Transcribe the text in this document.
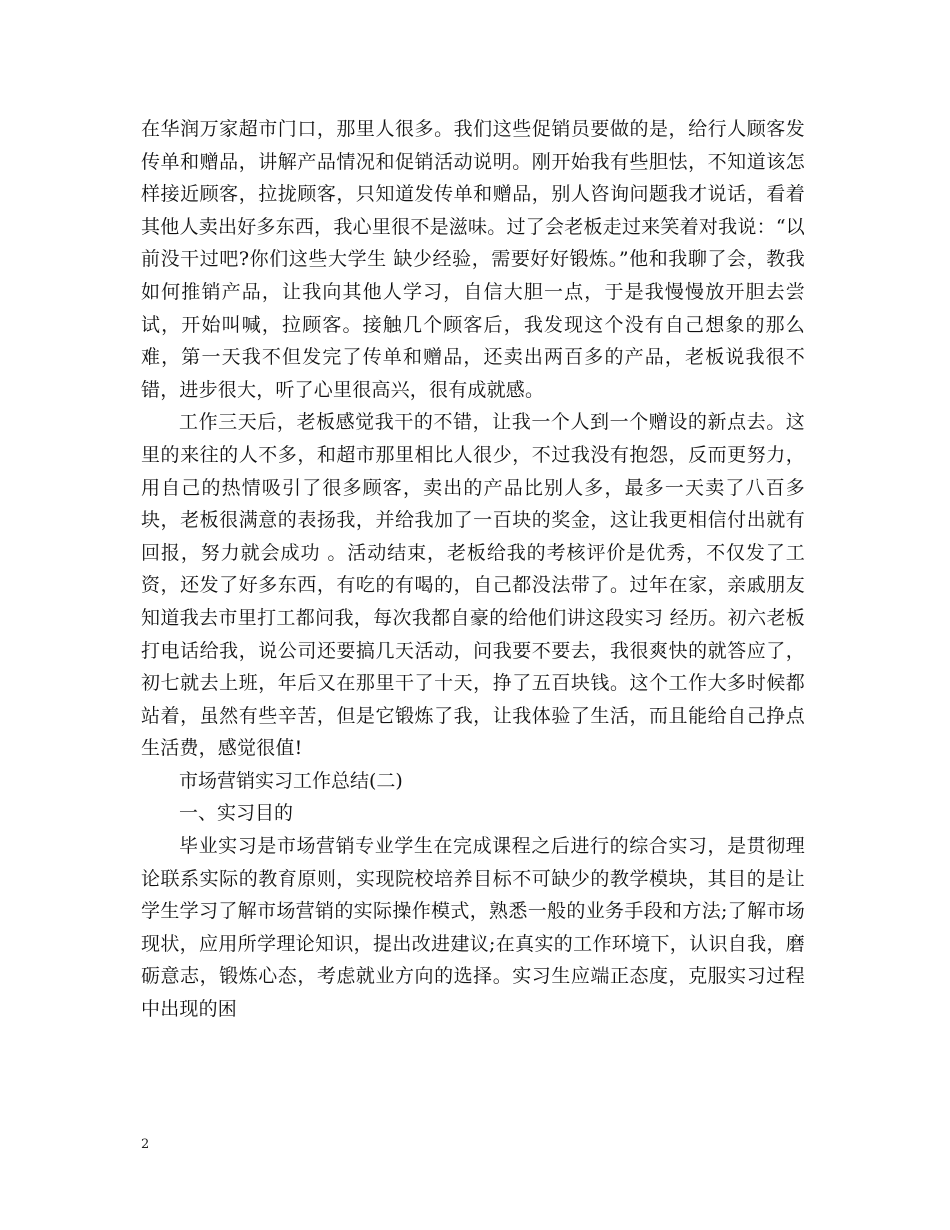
在华润万家超市门口，那里人很多。我们这些促销员要做的是，给行人顾客发传单和赠品，讲解产品情况和促销活动说明。刚开始我有些胆怯，不知道该怎样接近顾客，拉拢顾客，只知道发传单和赠品，别人咨询问题我才说话，看着其他人卖出好多东西，我心里很不是滋味。过了会老板走过来笑着对我说：“以前没干过吧?你们这些大学生 缺少经验，需要好好锻炼。”他和我聊了会，教我如何推销产品，让我向其他人学习，自信大胆一点，于是我慢慢放开胆去尝试，开始叫喊，拉顾客。接触几个顾客后，我发现这个没有自己想象的那么难，第一天我不但发完了传单和赠品，还卖出两百多的产品，老板说我很不错，进步很大，听了心里很高兴，很有成就感。

工作三天后，老板感觉我干的不错，让我一个人到一个赠设的新点去。这里的来往的人不多，和超市那里相比人很少，不过我没有抱怨，反而更努力，用自己的热情吸引了很多顾客，卖出的产品比别人多，最多一天卖了八百多块，老板很满意的表扬我，并给我加了一百块的奖金，这让我更相信付出就有回报，努力就会成功 。活动结束，老板给我的考核评价是优秀，不仅发了工资，还发了好多东西，有吃的有喝的，自己都没法带了。过年在家，亲戚朋友知道我去市里打工都问我，每次我都自豪的给他们讲这段实习 经历。初六老板打电话给我，说公司还要搞几天活动，问我要不要去，我很爽快的就答应了，初七就去上班，年后又在那里干了十天，挣了五百块钱。这个工作大多时候都站着，虽然有些辛苦，但是它锻炼了我，让我体验了生活，而且能给自己挣点生活费，感觉很值!

市场营销实习工作总结(二)

一、实习目的

毕业实习是市场营销专业学生在完成课程之后进行的综合实习，是贯彻理论联系实际的教育原则，实现院校培养目标不可缺少的教学模块，其目的是让学生学习了解市场营销的实际操作模式，熟悉一般的业务手段和方法;了解市场现状，应用所学理论知识，提出改进建议;在真实的工作环境下，认识自我，磨砺意志，锻炼心态，考虑就业方向的选择。实习生应端正态度，克服实习过程中出现的困

2
